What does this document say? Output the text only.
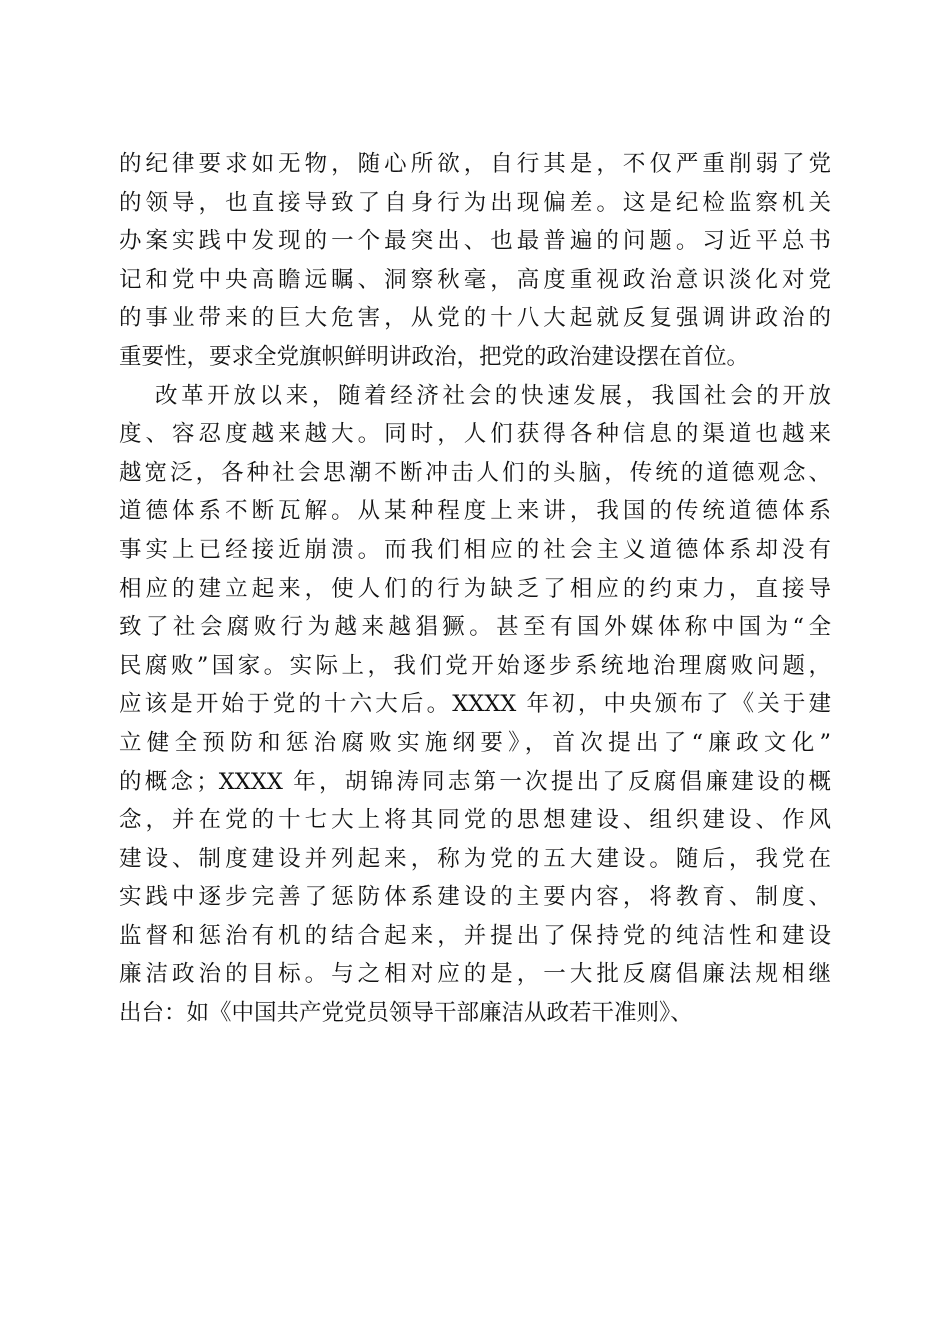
的纪律要求如无物，随心所欲，自行其是，不仅严重削弱了党
的领导，也直接导致了自身行为出现偏差。这是纪检监察机关
办案实践中发现的一个最突出、也最普遍的问题。习近平总书
记和党中央高瞻远瞩、洞察秋毫，高度重视政治意识淡化对党
的事业带来的巨大危害，从党的十八大起就反复强调讲政治的
重要性，要求全党旗帜鲜明讲政治，把党的政治建设摆在首位。
改革开放以来，随着经济社会的快速发展，我国社会的开放
度、容忍度越来越大。同时，人们获得各种信息的渠道也越来
越宽泛，各种社会思潮不断冲击人们的头脑，传统的道德观念、
道德体系不断瓦解。从某种程度上来讲，我国的传统道德体系
事实上已经接近崩溃。而我们相应的社会主义道德体系却没有
相应的建立起来，使人们的行为缺乏了相应的约束力，直接导
致了社会腐败行为越来越猖獗。甚至有国外媒体称中国为“全
民腐败”国家。实际上，我们党开始逐步系统地治理腐败问题，
应该是开始于党的十六大后。XXXX 年初，中央颁布了《关于建
立健全预防和惩治腐败实施纲要》，首次提出了“廉政文化”
的概念；XXXX 年，胡锦涛同志第一次提出了反腐倡廉建设的概
念，并在党的十七大上将其同党的思想建设、组织建设、作风
建设、制度建设并列起来，称为党的五大建设。随后，我党在
实践中逐步完善了惩防体系建设的主要内容，将教育、制度、
监督和惩治有机的结合起来，并提出了保持党的纯洁性和建设
廉洁政治的目标。与之相对应的是，一大批反腐倡廉法规相继
出台：如《中国共产党党员领导干部廉洁从政若干准则》、
